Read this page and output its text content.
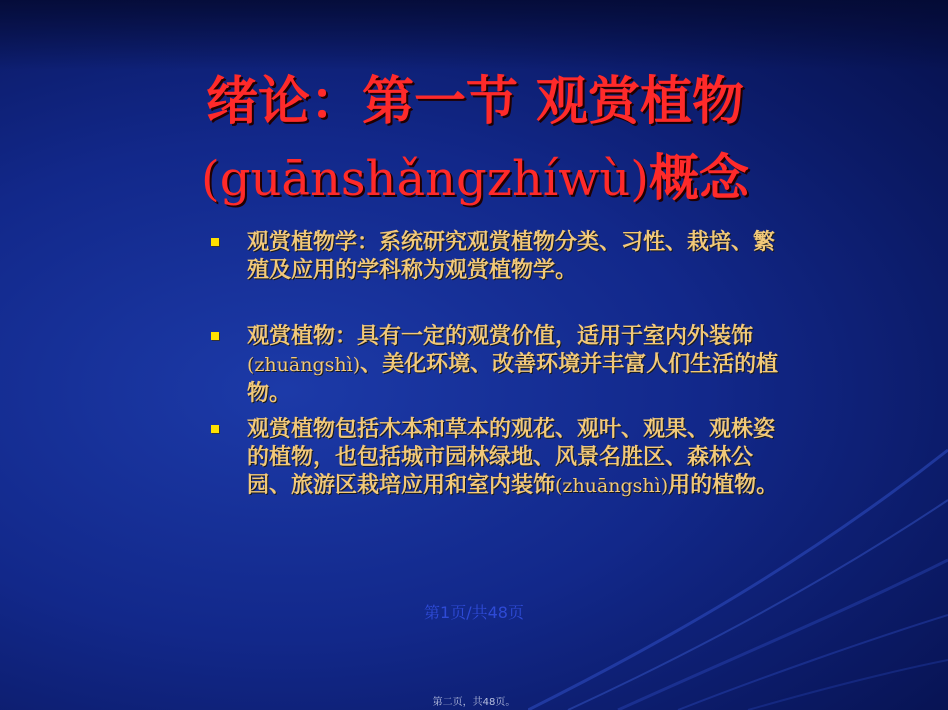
绪论：第一节 观赏植物
(guānshǎngzhíwù)概念
观赏植物学：系统研究观赏植物分类、习性、栽培、繁殖及应用的学科称为观赏植物学。
观赏植物：具有一定的观赏价值，适用于室内外装饰(zhuāngshì)、美化环境、改善环境并丰富人们生活的植物。
观赏植物包括木本和草本的观花、观叶、观果、观株姿的植物，也包括城市园林绿地、风景名胜区、森林公园、旅游区栽培应用和室内装饰(zhuāngshì)用的植物。
第1页/共48页
第二页，共48页。
